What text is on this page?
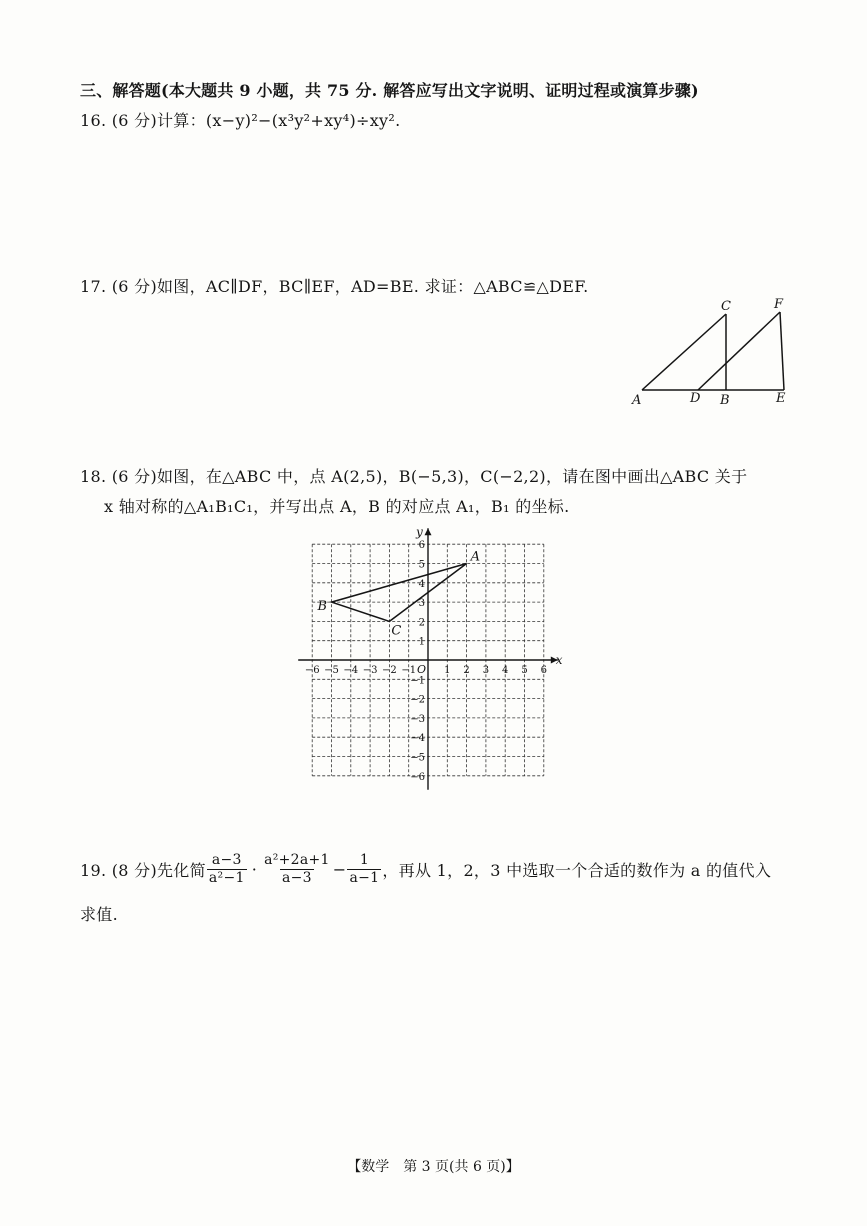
三、解答题(本大题共 9 小题，共 75 分. 解答应写出文字说明、证明过程或演算步骤)
16. (6 分)计算：(x−y)²−(x³y²+xy⁴)÷xy².
17. (6 分)如图，AC∥DF，BC∥EF，AD=BE. 求证：△ABC≌△DEF.
A	D B	E
C	F
18. (6 分)如图，在△ABC 中，点 A(2,5)，B(−5,3)，C(−2,2)，请在图中画出△ABC 关于
x 轴对称的△A₁B₁C₁，并写出点 A，B 的对应点 A₁，B₁ 的坐标.
x
y
O
−6 −5 −4 −3 −2 −1	1 2 3 4 5 6
6
5
4
3
2
1
−1
−2
−3
−4
−5
−6
A
B
C
19. (8 分)先化简 $\frac{a-3}{\text{a²−1}} \cdot \frac{\text{a²+2a+1}}{a-3} - \frac{1}{a-1}$ ，再从 1，2，3 中选取一个合适的数作为 a 的值代入
求值.
【数学　第 3 页(共 6 页)】
